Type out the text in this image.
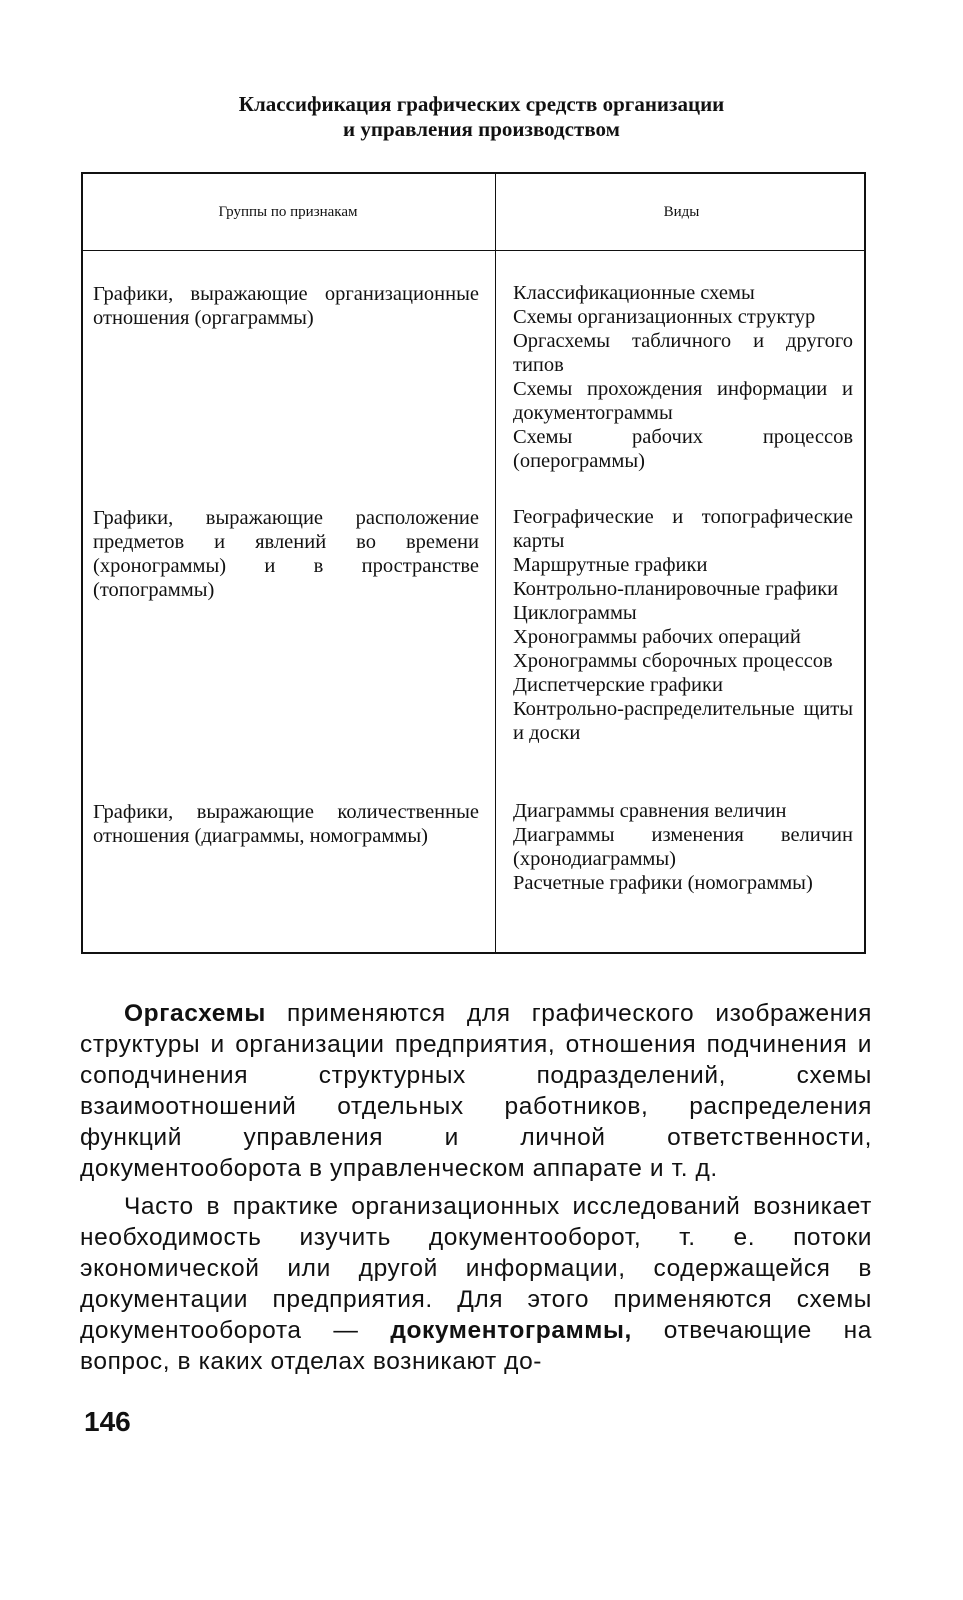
Классификация графических средств организации
и управления производством
Группы по признакам	Виды
Графики, выражающие организационные отношения (оргаграммы)
Классификационные схемы
Схемы организационных структур
Оргасхемы табличного и другого типов
Схемы прохождения информации и документограммы
Схемы рабочих процессов (оперограммы)
Графики, выражающие расположение предметов и явлений во времени (хронограммы) и в пространстве (топограммы)
Географические и топографические карты
Маршрутные графики
Контрольно-планировочные графики
Циклограммы
Хронограммы рабочих операций
Хронограммы сборочных процессов
Диспетчерские графики
Контрольно-распределительные щиты и доски
Графики, выражающие количественные отношения (диаграммы, номограммы)
Диаграммы сравнения величин
Диаграммы изменения величин (хронодиаграммы)
Расчетные графики (номограммы)

Оргасхемы применяются для графического изображения структуры и организации предприятия, отношения подчинения и соподчинения структурных подразделений, схемы взаимоотношений отдельных работников, распределения функций управления и личной ответственности, документооборота в управленческом аппарате и т. д.

Часто в практике организационных исследований возникает необходимость изучить документооборот, т. е. потоки экономической или другой информации, содержащейся в документации предприятия. Для этого применяются схемы документооборота — документограммы, отвечающие на вопрос, в каких отделах возникают до-

146
